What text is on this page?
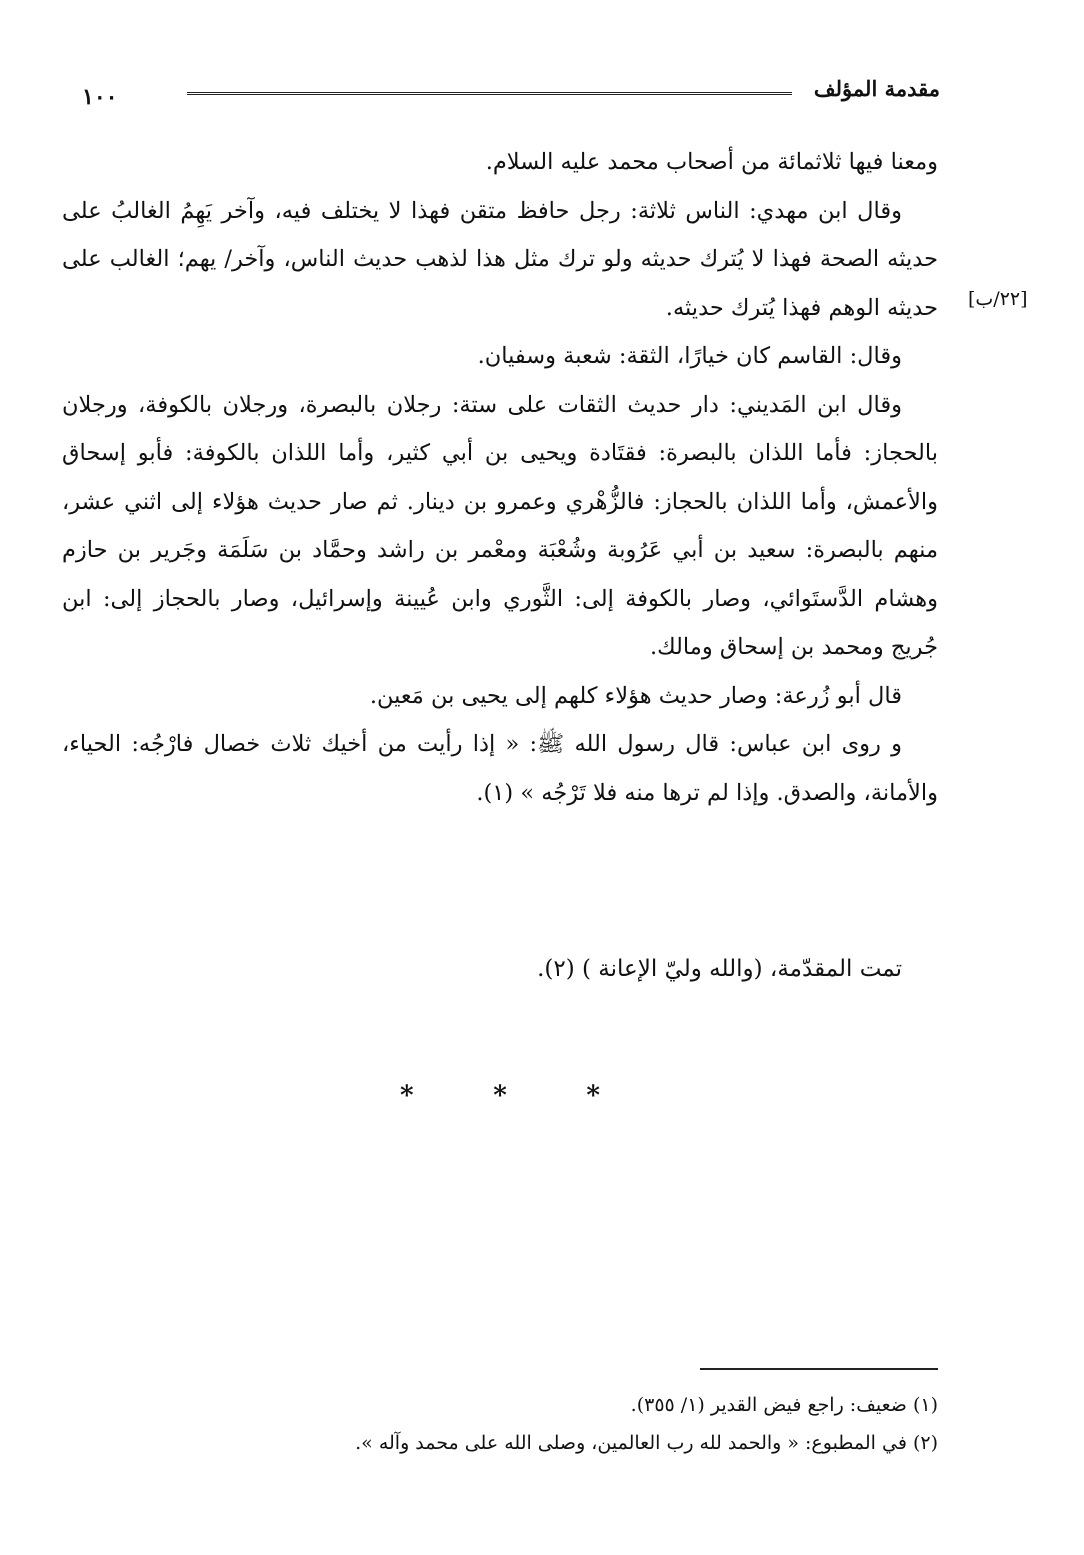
مقدمة المؤلف
١٠٠
[٢٢/ب]

ومعنا فيها ثلاثمائة من أصحاب محمد عليه السلام.

وقال ابن مهدي: الناس ثلاثة: رجل حافظ متقن فهذا لا يختلف فيه، وآخر يَهِمُ الغالبُ على حديثه الصحة فهذا لا يُترك حديثه ولو ترك مثل هذا لذهب حديث الناس، وآخر/ يهم؛ الغالب على حديثه الوهم فهذا يُترك حديثه.

وقال: القاسم كان خيارًا، الثقة: شعبة وسفيان.

وقال ابن المَديني: دار حديث الثقات على ستة: رجلان بالبصرة، ورجلان بالكوفة، ورجلان بالحجاز: فأما اللذان بالبصرة: فقتَادة ويحيى بن أبي كثير، وأما اللذان بالكوفة: فأبو إسحاق والأعمش، وأما اللذان بالحجاز: فالزُّهْري وعمرو بن دينار. ثم صار حديث هؤلاء إلى اثني عشر، منهم بالبصرة: سعيد بن أبي عَرُوبة وشُعْبَة ومعْمر بن راشد وحمَّاد بن سَلَمَة وجَرير بن حازم وهشام الدَّستَوائي، وصار بالكوفة إلى: الثَّوري وابن عُيينة وإسرائيل، وصار بالحجاز إلى: ابن جُريج ومحمد بن إسحاق ومالك.

قال أبو زُرعة: وصار حديث هؤلاء كلهم إلى يحيى بن مَعين.

و روى ابن عباس: قال رسول الله ﷺ: « إذا رأيت من أخيك ثلاث خصال فارْجُه: الحياء، والأمانة، والصدق. وإذا لم ترها منه فلا تَرْجُه » (١).

تمت المقدّمة، (والله وليّ الإعانة ) (٢).

*	*	*

(١) ضعيف: راجع فيض القدير (١/ ٣٥٥).

(٢) في المطبوع: « والحمد لله رب العالمين، وصلى الله على محمد وآله ».
